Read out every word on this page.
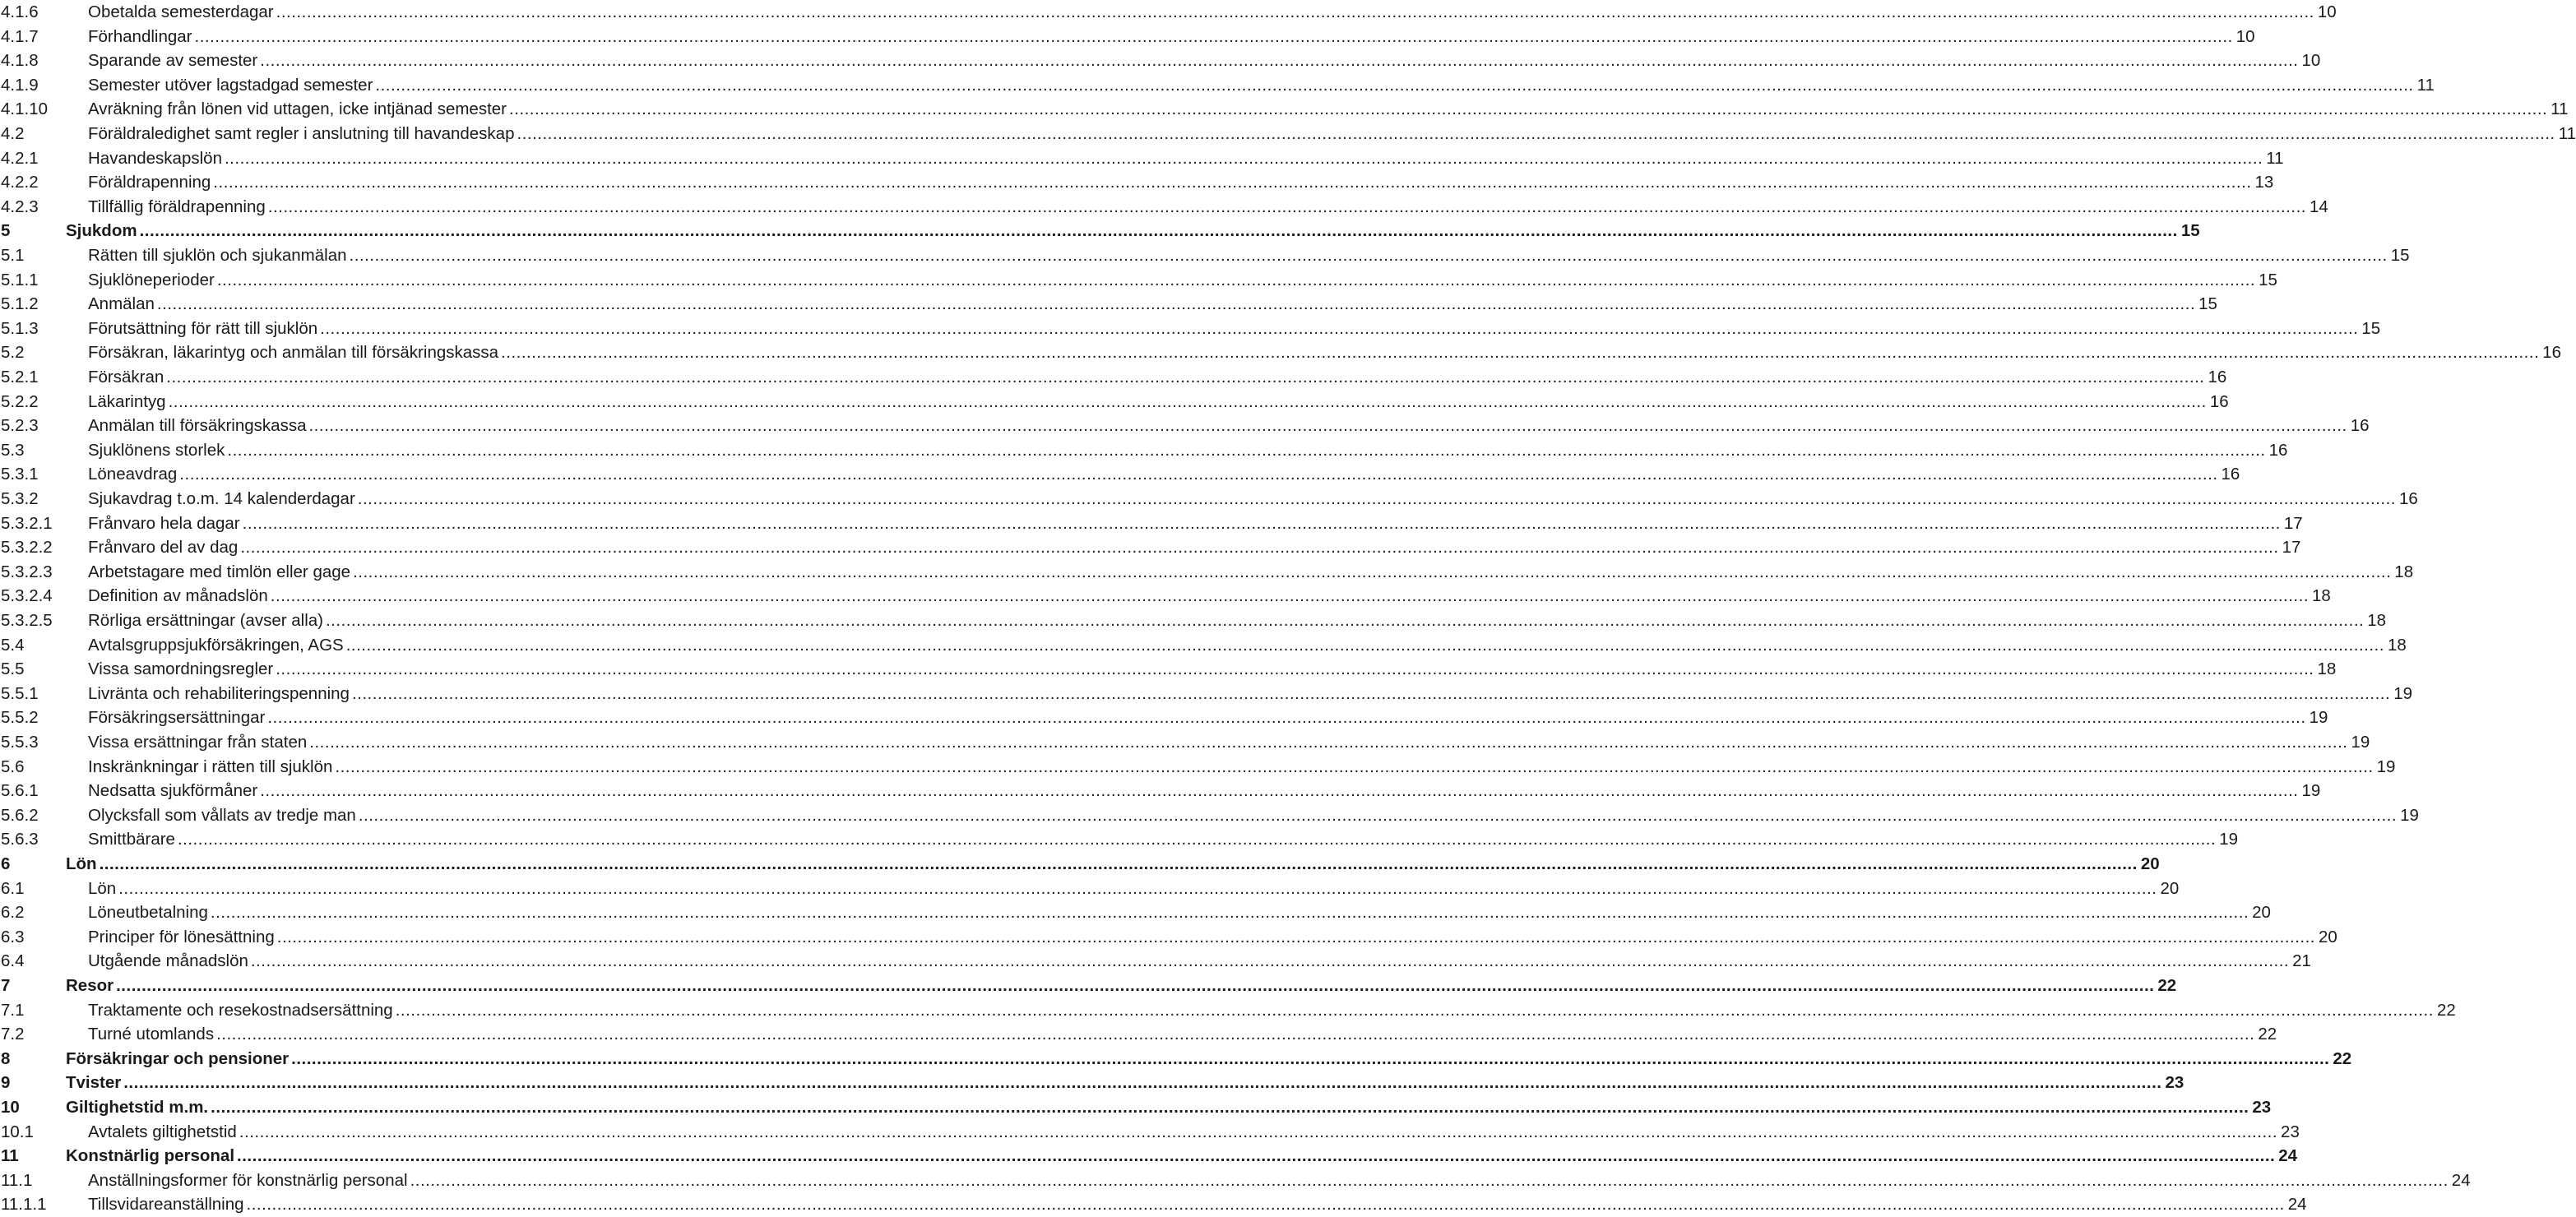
4.1.6	Obetalda semesterdagar ................................................................................................................................................................................................................................................................................................................................................................................................................ 10
4.1.7	Förhandlingar ................................................................................................................................................................................................................................................................................................................................................................................................................ 10
4.1.8	Sparande av semester ................................................................................................................................................................................................................................................................................................................................................................................................................ 10
4.1.9	Semester utöver lagstadgad semester ................................................................................................................................................................................................................................................................................................................................................................................................................ 11
4.1.10 Avräkning från lönen vid uttagen, icke intjänad semester ................................................................................................................................................................................................................................................................................................................................................................................................................ 11
4.2	Föräldraledighet samt regler i anslutning till havandeskap ................................................................................................................................................................................................................................................................................................................................................................................................................ 11
4.2.1	Havandeskapslön ................................................................................................................................................................................................................................................................................................................................................................................................................ 11
4.2.2	Föräldrapenning ................................................................................................................................................................................................................................................................................................................................................................................................................ 13
4.2.3	Tillfällig föräldrapenning ................................................................................................................................................................................................................................................................................................................................................................................................................ 14
5	Sjukdom ................................................................................................................................................................................................................................................................................................................................................................................................................ 15
5.1	Rätten till sjuklön och sjukanmälan ................................................................................................................................................................................................................................................................................................................................................................................................................ 15
5.1.1	Sjuklöneperioder ................................................................................................................................................................................................................................................................................................................................................................................................................ 15
5.1.2	Anmälan ................................................................................................................................................................................................................................................................................................................................................................................................................ 15
5.1.3	Förutsättning för rätt till sjuklön ................................................................................................................................................................................................................................................................................................................................................................................................................ 15
5.2	Försäkran, läkarintyg och anmälan till försäkringskassa ................................................................................................................................................................................................................................................................................................................................................................................................................ 16
5.2.1	Försäkran ................................................................................................................................................................................................................................................................................................................................................................................................................ 16
5.2.2	Läkarintyg ................................................................................................................................................................................................................................................................................................................................................................................................................ 16
5.2.3	Anmälan till försäkringskassa ................................................................................................................................................................................................................................................................................................................................................................................................................ 16
5.3	Sjuklönens storlek ................................................................................................................................................................................................................................................................................................................................................................................................................ 16
5.3.1	Löneavdrag ................................................................................................................................................................................................................................................................................................................................................................................................................ 16
5.3.2	Sjukavdrag t.o.m. 14 kalenderdagar ................................................................................................................................................................................................................................................................................................................................................................................................................ 16
5.3.2.1 Frånvaro hela dagar ................................................................................................................................................................................................................................................................................................................................................................................................................ 17
5.3.2.2 Frånvaro del av dag ................................................................................................................................................................................................................................................................................................................................................................................................................ 17
5.3.2.3 Arbetstagare med timlön eller gage ................................................................................................................................................................................................................................................................................................................................................................................................................ 18
5.3.2.4 Definition av månadslön ................................................................................................................................................................................................................................................................................................................................................................................................................ 18
5.3.2.5 Rörliga ersättningar (avser alla) ................................................................................................................................................................................................................................................................................................................................................................................................................ 18
5.4	Avtalsgruppsjukförsäkringen, AGS ................................................................................................................................................................................................................................................................................................................................................................................................................ 18
5.5	Vissa samordningsregler ................................................................................................................................................................................................................................................................................................................................................................................................................ 18
5.5.1	Livränta och rehabiliteringspenning ................................................................................................................................................................................................................................................................................................................................................................................................................ 19
5.5.2	Försäkringsersättningar ................................................................................................................................................................................................................................................................................................................................................................................................................ 19
5.5.3	Vissa ersättningar från staten ................................................................................................................................................................................................................................................................................................................................................................................................................ 19
5.6	Inskränkningar i rätten till sjuklön ................................................................................................................................................................................................................................................................................................................................................................................................................ 19
5.6.1	Nedsatta sjukförmåner ................................................................................................................................................................................................................................................................................................................................................................................................................ 19
5.6.2	Olycksfall som vållats av tredje man ................................................................................................................................................................................................................................................................................................................................................................................................................ 19
5.6.3	Smittbärare ................................................................................................................................................................................................................................................................................................................................................................................................................ 19
6	Lön ................................................................................................................................................................................................................................................................................................................................................................................................................ 20
6.1	Lön ................................................................................................................................................................................................................................................................................................................................................................................................................ 20
6.2	Löneutbetalning ................................................................................................................................................................................................................................................................................................................................................................................................................ 20
6.3	Principer för lönesättning ................................................................................................................................................................................................................................................................................................................................................................................................................ 20
6.4	Utgående månadslön ................................................................................................................................................................................................................................................................................................................................................................................................................ 21
7	Resor ................................................................................................................................................................................................................................................................................................................................................................................................................ 22
7.1	Traktamente och resekostnadsersättning ................................................................................................................................................................................................................................................................................................................................................................................................................ 22
7.2	Turné utomlands ................................................................................................................................................................................................................................................................................................................................................................................................................ 22
8	Försäkringar och pensioner ................................................................................................................................................................................................................................................................................................................................................................................................................ 22
9	Tvister ................................................................................................................................................................................................................................................................................................................................................................................................................ 23
10	Giltighetstid m.m. ................................................................................................................................................................................................................................................................................................................................................................................................................ 23
10.1	Avtalets giltighetstid ................................................................................................................................................................................................................................................................................................................................................................................................................ 23
11	Konstnärlig personal ................................................................................................................................................................................................................................................................................................................................................................................................................ 24
11.1	Anställningsformer för konstnärlig personal ................................................................................................................................................................................................................................................................................................................................................................................................................ 24
11.1.1 Tillsvidareanställning ................................................................................................................................................................................................................................................................................................................................................................................................................ 24
